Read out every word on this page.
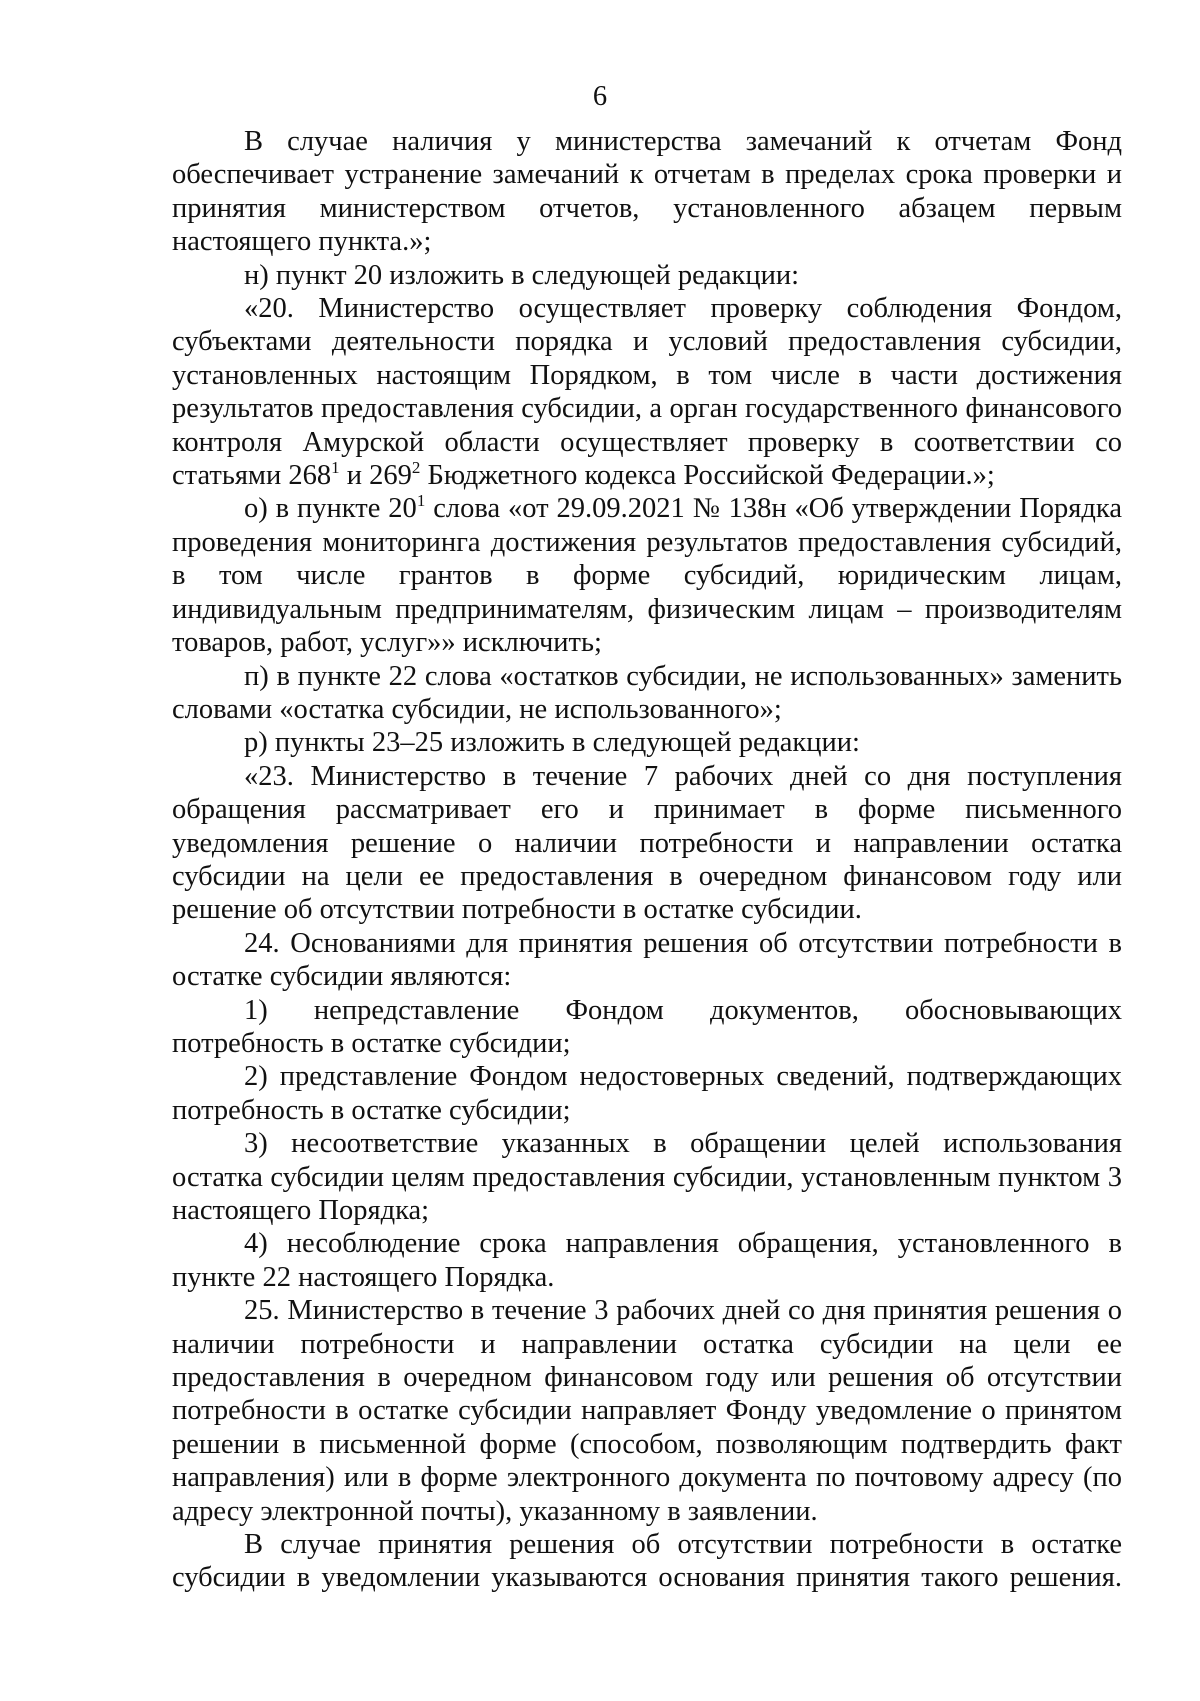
6

В случае наличия у министерства замечаний к отчетам Фонд обеспечивает устранение замечаний к отчетам в пределах срока проверки и принятия министерством отчетов, установленного абзацем первым настоящего пункта.»;

н) пункт 20 изложить в следующей редакции:

«20. Министерство осуществляет проверку соблюдения Фондом, субъектами деятельности порядка и условий предоставления субсидии, установленных настоящим Порядком, в том числе в части достижения результатов предоставления субсидии, а орган государственного финансового контроля Амурской области осуществляет проверку в соответствии со статьями $268^1$ и $269^2$ Бюджетного кодекса Российской Федерации.»;

о) в пункте $20^1$ слова «от 29.09.2021 № 138н «Об утверждении Порядка проведения мониторинга достижения результатов предоставления субсидий, в том числе грантов в форме субсидий, юридическим лицам, индивидуальным предпринимателям, физическим лицам – производителям товаров, работ, услуг»» исключить;

п) в пункте 22 слова «остатков субсидии, не использованных» заменить словами «остатка субсидии, не использованного»;

р) пункты 23–25 изложить в следующей редакции:

«23. Министерство в течение 7 рабочих дней со дня поступления обращения рассматривает его и принимает в форме письменного уведомления решение о наличии потребности и направлении остатка субсидии на цели ее предоставления в очередном финансовом году или решение об отсутствии потребности в остатке субсидии.

24. Основаниями для принятия решения об отсутствии потребности в остатке субсидии являются:

1) непредставление Фондом документов, обосновывающих потребность в остатке субсидии;

2) представление Фондом недостоверных сведений, подтверждающих потребность в остатке субсидии;

3) несоответствие указанных в обращении целей использования остатка субсидии целям предоставления субсидии, установленным пунктом 3 настоящего Порядка;

4) несоблюдение срока направления обращения, установленного в пункте 22 настоящего Порядка.

25. Министерство в течение 3 рабочих дней со дня принятия решения о наличии потребности и направлении остатка субсидии на цели ее предоставления в очередном финансовом году или решения об отсутствии потребности в остатке субсидии направляет Фонду уведомление о принятом решении в письменной форме (способом, позволяющим подтвердить факт направления) или в форме электронного документа по почтовому адресу (по адресу электронной почты), указанному в заявлении.

В случае принятия решения об отсутствии потребности в остатке субсидии в уведомлении указываются основания принятия такого решения.
